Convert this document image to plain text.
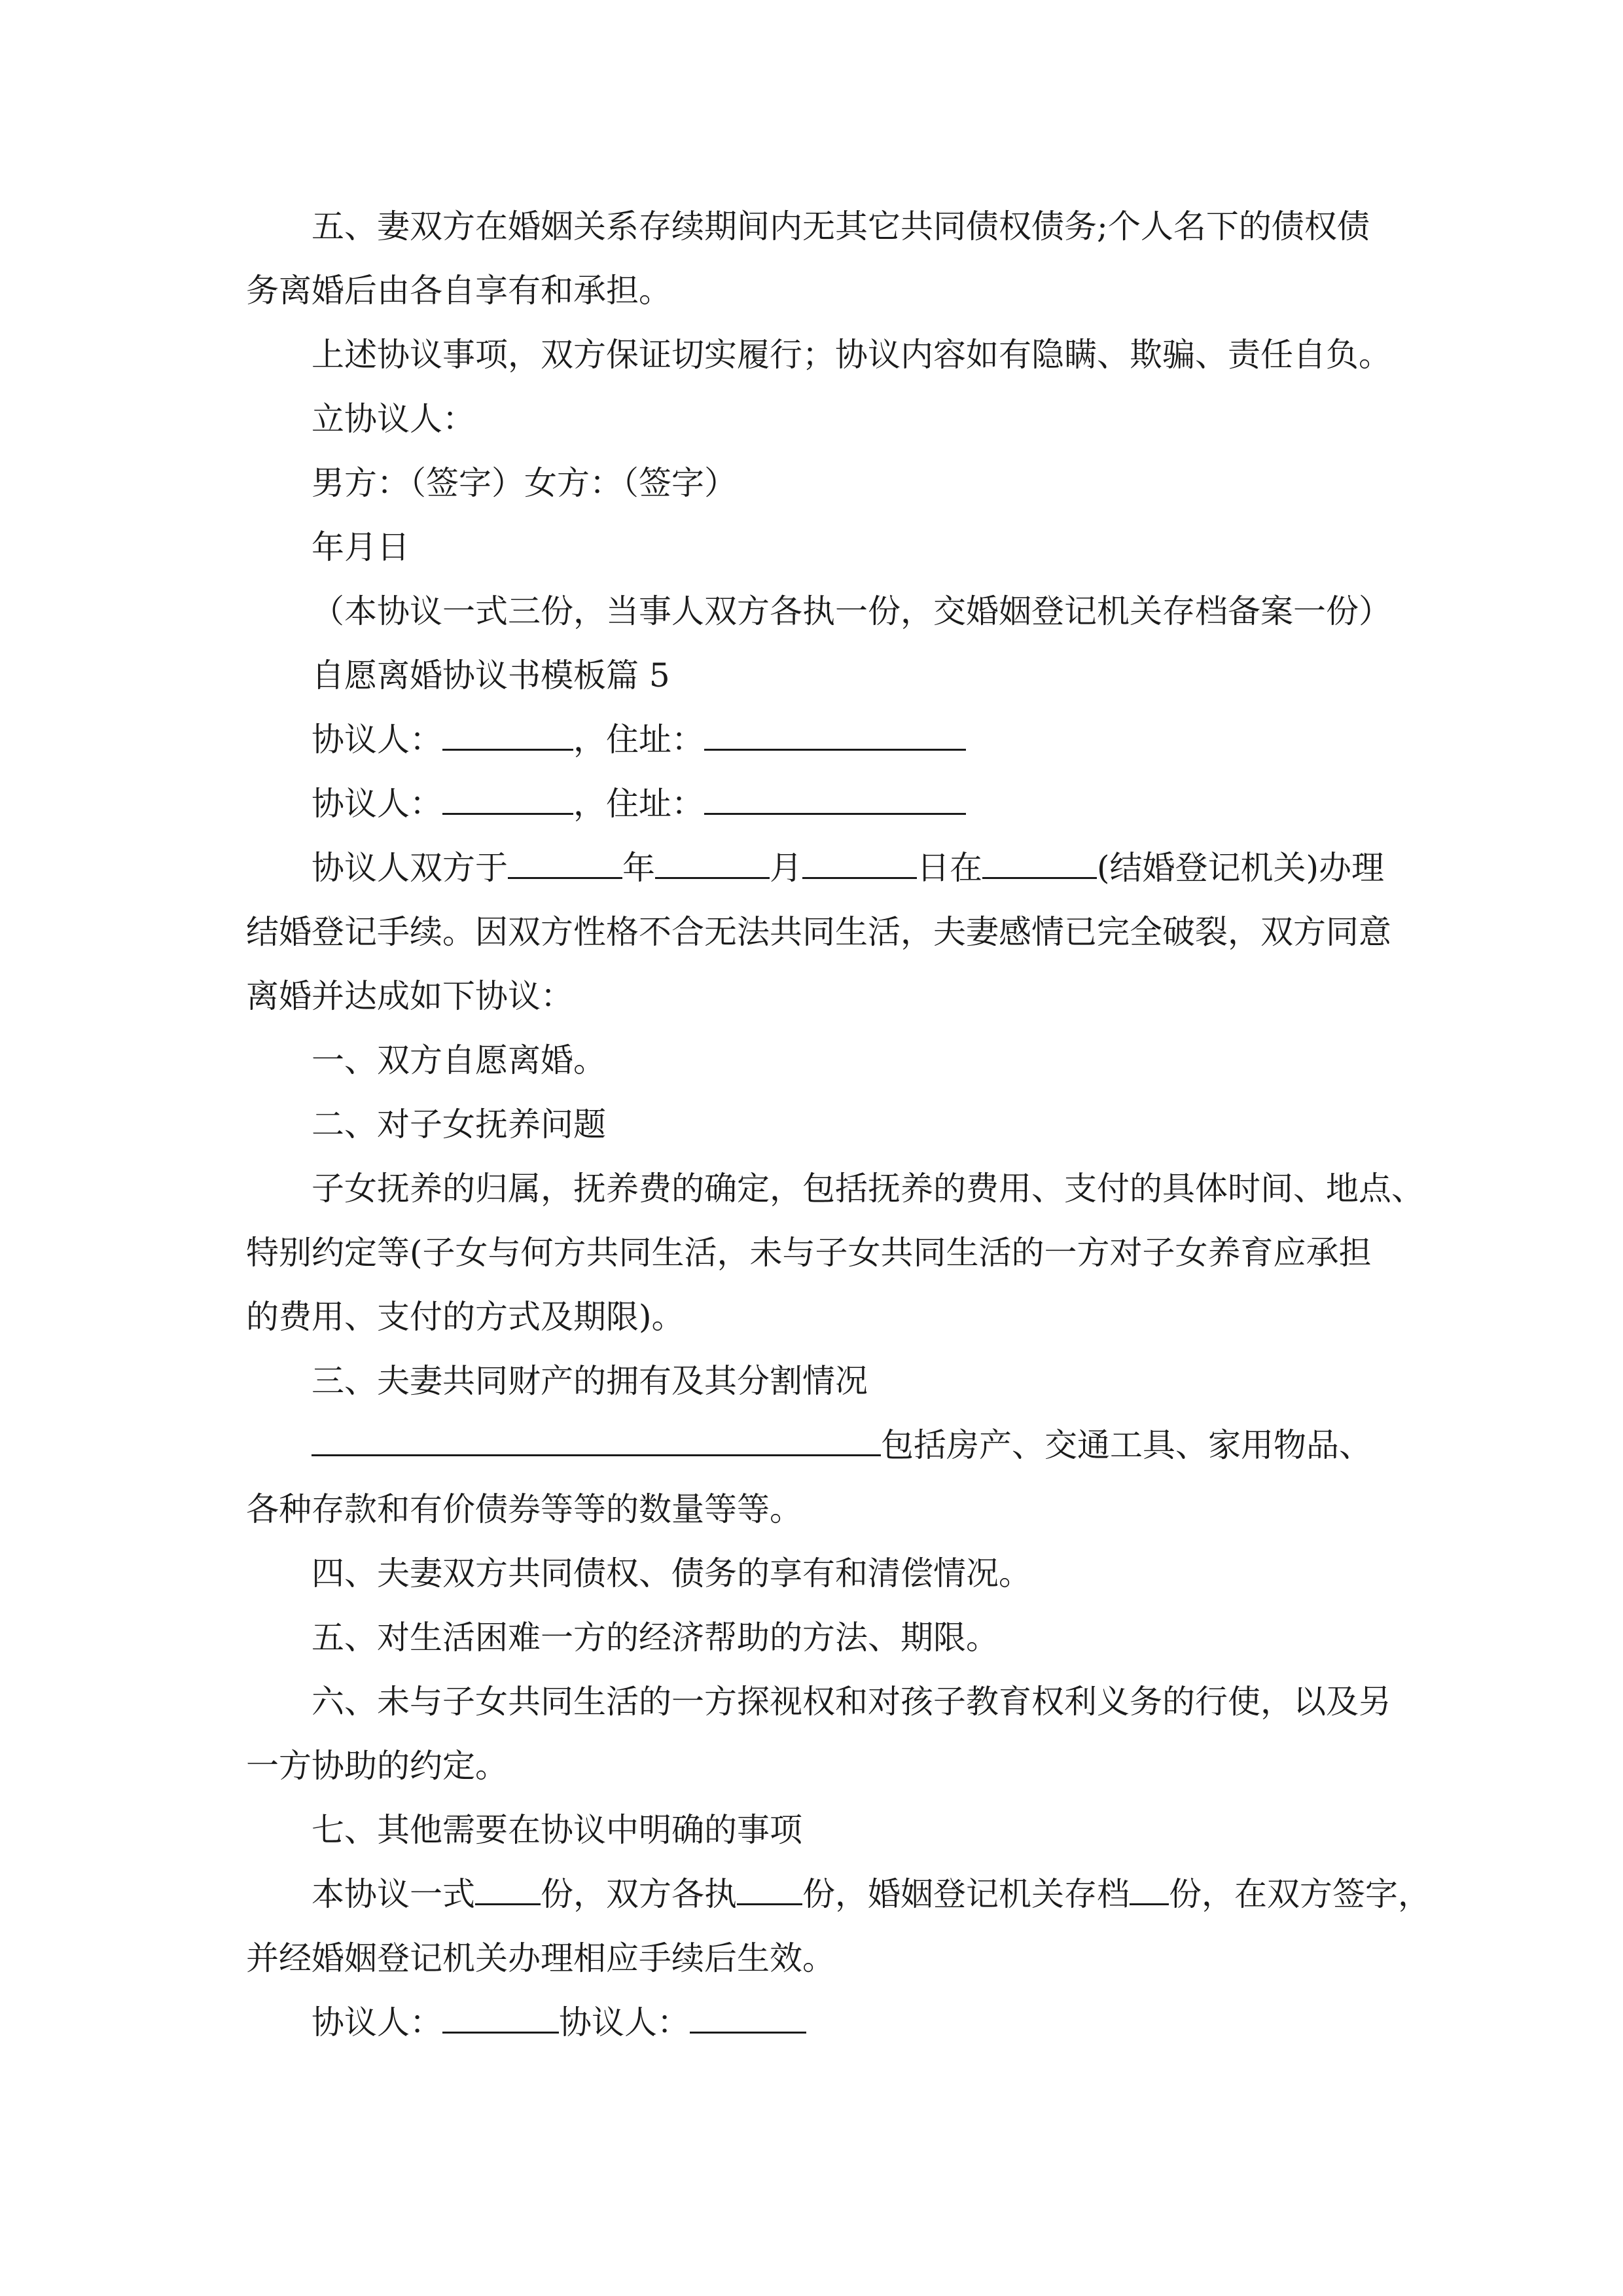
五、妻双方在婚姻关系存续期间内无其它共同债权债务;个人名下的债权债
务离婚后由各自享有和承担。
上述协议事项，双方保证切实履行；协议内容如有隐瞒、欺骗、责任自负。
立协议人：
男方：（签字）女方：（签字）
年月日
（本协议一式三份，当事人双方各执一份，交婚姻登记机关存档备案一份）
自愿离婚协议书模板篇 5
协议人：	，住址：
协议人：	，住址：
协议人双方于	年	月	日在	(结婚登记机关)办理
结婚登记手续。因双方性格不合无法共同生活，夫妻感情已完全破裂，双方同意
离婚并达成如下协议：
一、双方自愿离婚。
二、对子女抚养问题
子女抚养的归属，抚养费的确定，包括抚养的费用、支付的具体时间、地点、
特别约定等(子女与何方共同生活，未与子女共同生活的一方对子女养育应承担
的费用、支付的方式及期限)。
三、夫妻共同财产的拥有及其分割情况
包括房产、交通工具、家用物品、
各种存款和有价债券等等的数量等等。
四、夫妻双方共同债权、债务的享有和清偿情况。
五、对生活困难一方的经济帮助的方法、期限。
六、未与子女共同生活的一方探视权和对孩子教育权利义务的行使，以及另
一方协助的约定。
七、其他需要在协议中明确的事项
本协议一式 份，双方各执 份，婚姻登记机关存档 份，在双方签字，
并经婚姻登记机关办理相应手续后生效。
协议人：	协议人：
